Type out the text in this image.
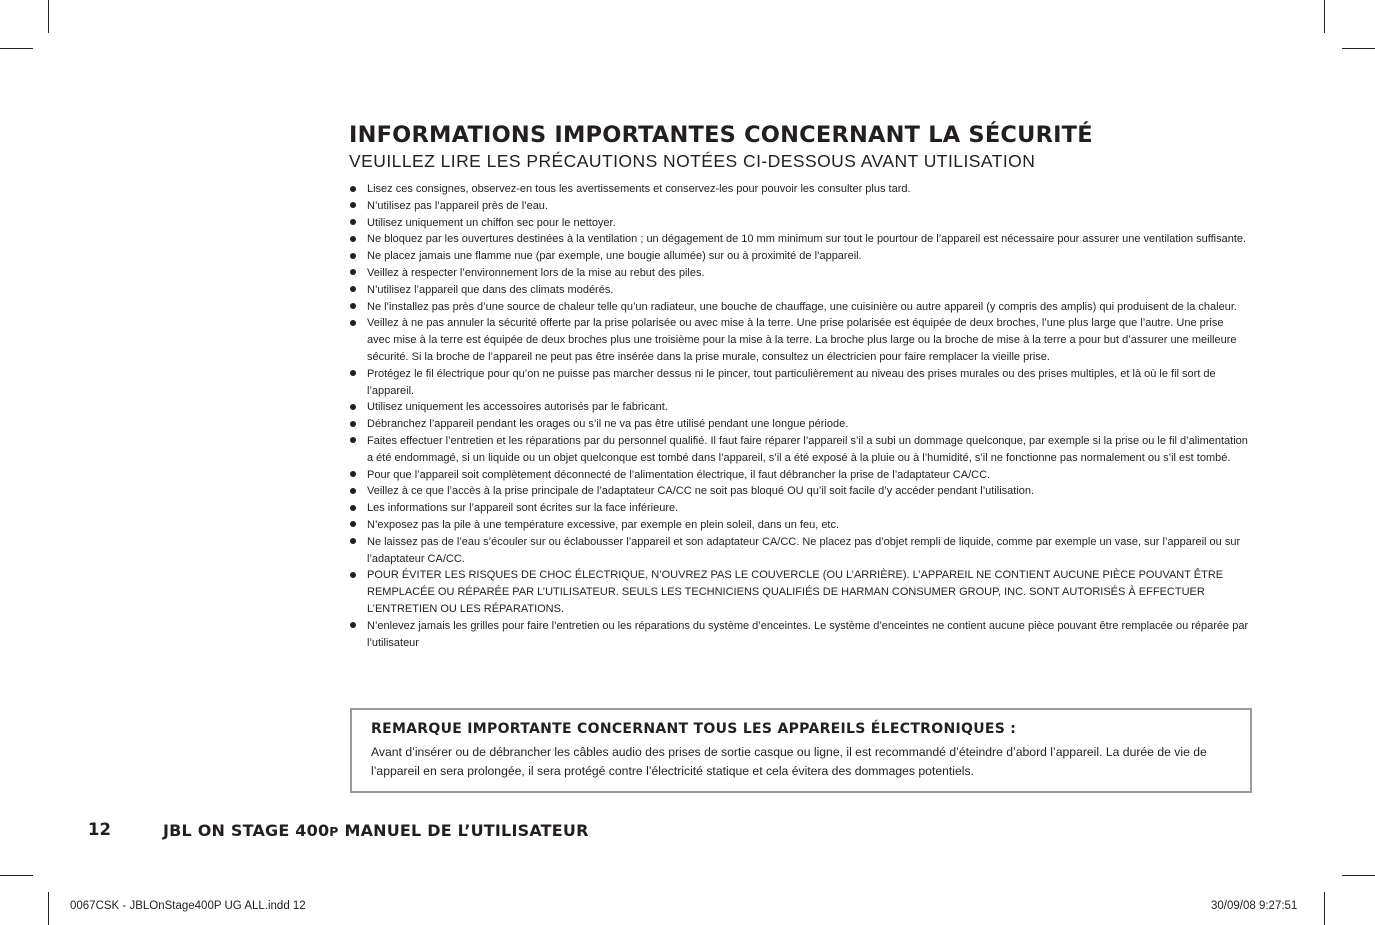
INFORMATIONS IMPORTANTES CONCERNANT LA SÉCURITÉ
VEUILLEZ LIRE LES PRÉCAUTIONS NOTÉES CI-DESSOUS AVANT UTILISATION
Lisez ces consignes, observez-en tous les avertissements et conservez-les pour pouvoir les consulter plus tard.
N’utilisez pas l’appareil près de l’eau.
Utilisez uniquement un chiffon sec pour le nettoyer.
Ne bloquez par les ouvertures destinées à la ventilation ; un dégagement de 10 mm minimum sur tout le pourtour de l’appareil est nécessaire pour assurer une ventilation suffisante.
Ne placez jamais une flamme nue (par exemple, une bougie allumée) sur ou à proximité de l’appareil.
Veillez à respecter l’environnement lors de la mise au rebut des piles.
N’utilisez l’appareil que dans des climats modérés.
Ne l’installez pas près d’une source de chaleur telle qu’un radiateur, une bouche de chauffage, une cuisinière ou autre appareil (y compris des amplis) qui produisent de la chaleur.
Veillez à ne pas annuler la sécurité offerte par la prise polarisée ou avec mise à la terre. Une prise polarisée est équipée de deux broches, l’une plus large que l’autre. Une prise avec mise à la terre est équipée de deux broches plus une troisième pour la mise à la terre. La broche plus large ou la broche de mise à la terre a pour but d’assurer une meilleure sécurité. Si la broche de l’appareil ne peut pas être insérée dans la prise murale, consultez un électricien pour faire remplacer la vieille prise.
Protégez le fil électrique pour qu’on ne puisse pas marcher dessus ni le pincer, tout particulièrement au niveau des prises murales ou des prises multiples, et là où le fil sort de l’appareil.
Utilisez uniquement les accessoires autorisés par le fabricant.
Débranchez l’appareil pendant les orages ou s’il ne va pas être utilisé pendant une longue période.
Faites effectuer l’entretien et les réparations par du personnel qualifié. Il faut faire réparer l’appareil s’il a subi un dommage quelconque, par exemple si la prise ou le fil d’alimentation a été endommagé, si un liquide ou un objet quelconque est tombé dans l’appareil, s’il a été exposé à la pluie ou à l’humidité, s’il ne fonctionne pas normalement ou s’il est tombé.
Pour que l’appareil soit complètement déconnecté de l’alimentation électrique, il faut débrancher la prise de l’adaptateur CA/CC.
Veillez à ce que l’accès à la prise principale de l’adaptateur CA/CC ne soit pas bloqué OU qu’il soit facile d’y accéder pendant l’utilisation.
Les informations sur l’appareil sont écrites sur la face inférieure.
N’exposez pas la pile à une température excessive, par exemple en plein soleil, dans un feu, etc.
Ne laissez pas de l’eau s’écouler sur ou éclabousser l’appareil et son adaptateur CA/CC. Ne placez pas d’objet rempli de liquide, comme par exemple un vase, sur l’appareil ou sur l’adaptateur CA/CC.
POUR ÉVITER LES RISQUES DE CHOC ÉLECTRIQUE, N’OUVREZ PAS LE COUVERCLE (OU L’ARRIÈRE). L’APPAREIL NE CONTIENT AUCUNE PIÈCE POUVANT ÊTRE REMPLACÉE OU RÉPARÉE PAR L’UTILISATEUR. SEULS LES TECHNICIENS QUALIFIÉS DE HARMAN CONSUMER GROUP, INC. SONT AUTORISÉS À EFFECTUER L’ENTRETIEN OU LES RÉPARATIONS.
N’enlevez jamais les grilles pour faire l’entretien ou les réparations du système d’enceintes. Le système d’enceintes ne contient aucune pièce pouvant être remplacée ou réparée par l’utilisateur
REMARQUE IMPORTANTE CONCERNANT TOUS LES APPAREILS ÉLECTRONIQUES :

Avant d’insérer ou de débrancher les câbles audio des prises de sortie casque ou ligne, il est recommandé d’éteindre d’abord l’appareil. La durée de vie de l’appareil en sera prolongée, il sera protégé contre l’électricité statique et cela évitera des dommages potentiels.

12	JBL ON STAGE 400P MANUEL DE L’UTILISATEUR
0067CSK - JBLOnStage400P UG ALL.indd 12	30/09/08 9:27:51
